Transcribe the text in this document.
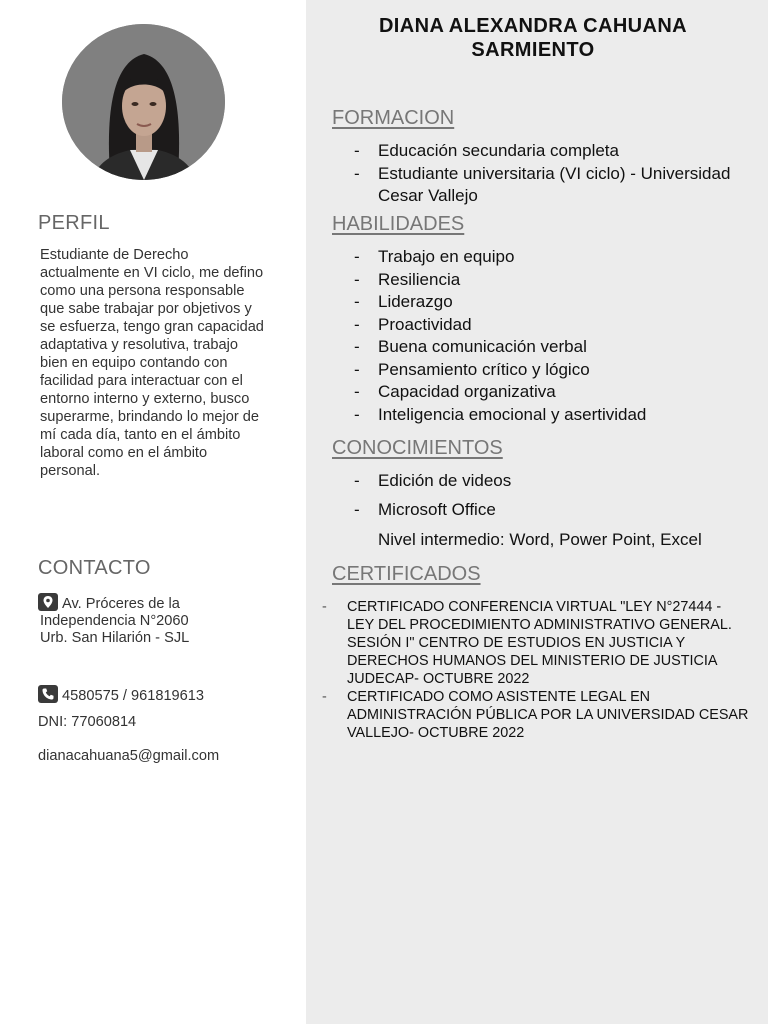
PERFIL

Estudiante de Derecho actualmente en VI ciclo, me defino como una persona responsable que sabe trabajar por objetivos y se esfuerza, tengo gran capacidad adaptativa y resolutiva, trabajo bien en equipo contando con facilidad para interactuar con el entorno interno y externo, busco superarme, brindando lo mejor de mí cada día, tanto en el ámbito laboral como en el ámbito personal.

CONTACTO
Av. Próceres de la
Independencia N°2060
Urb. San Hilarión - SJL
4580575 / 961819613
DNI: 77060814
dianacahuana5@gmail.com
DIANA ALEXANDRA CAHUANA
SARMIENTO
FORMACION
- Educación secundaria completa
- Estudiante universitaria (VI ciclo) - Universidad Cesar Vallejo
HABILIDADES
- Trabajo en equipo
- Resiliencia
- Liderazgo
- Proactividad
- Buena comunicación verbal
- Pensamiento crítico y lógico
- Capacidad organizativa
- Inteligencia emocional y asertividad
CONOCIMIENTOS
- Edición de videos
- Microsoft Office
Nivel intermedio: Word, Power Point, Excel
CERTIFICADOS
- CERTIFICADO CONFERENCIA VIRTUAL "LEY N°27444 - LEY DEL PROCEDIMIENTO ADMINISTRATIVO GENERAL. SESIÓN I" CENTRO DE ESTUDIOS EN JUSTICIA Y DERECHOS HUMANOS DEL MINISTERIO DE JUSTICIA JUDECAP- OCTUBRE 2022
- CERTIFICADO COMO ASISTENTE LEGAL EN ADMINISTRACIÓN PÚBLICA POR LA UNIVERSIDAD CESAR VALLEJO- OCTUBRE 2022
